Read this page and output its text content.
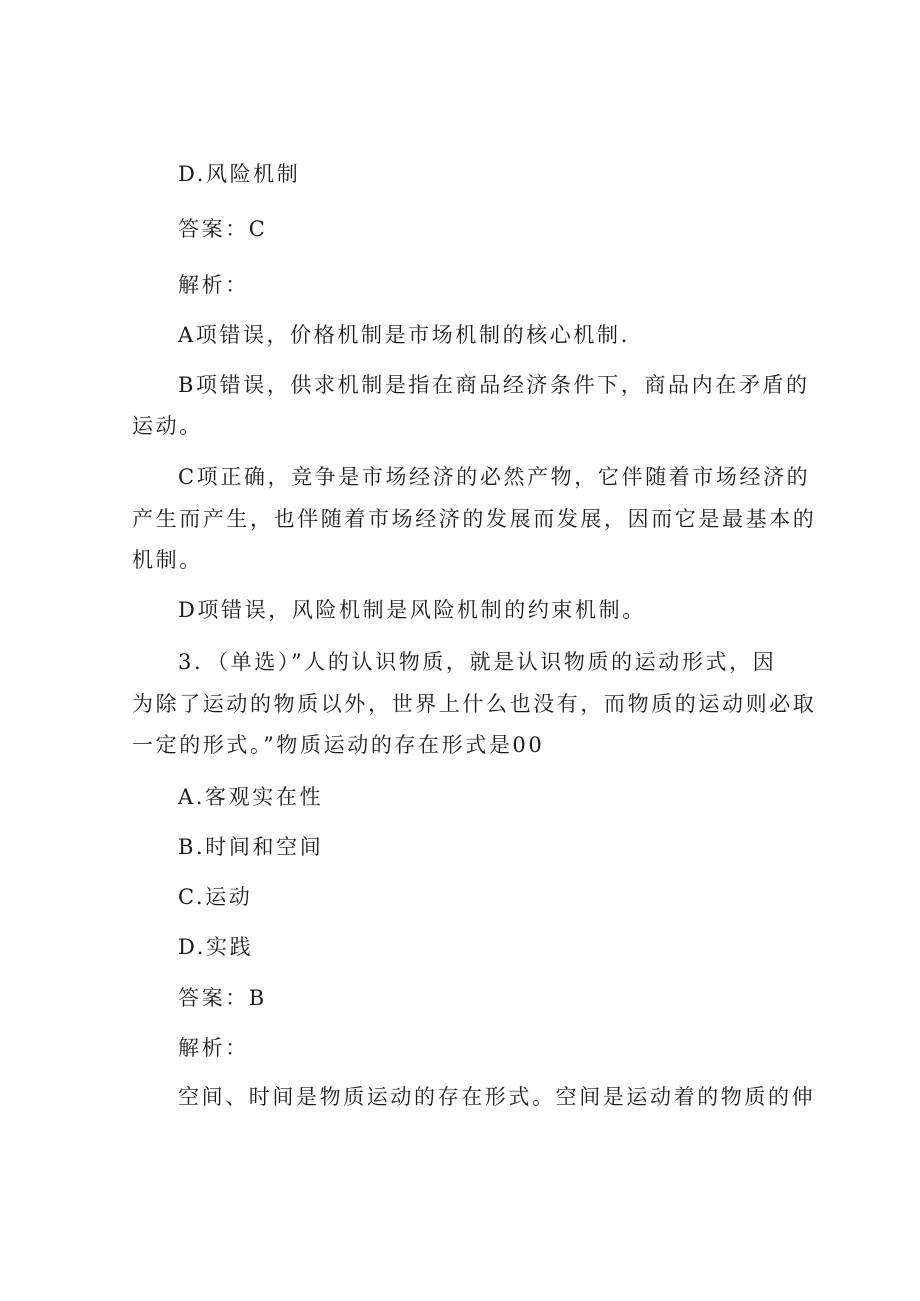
D.风险机制
答案：C
解析：
A项错误，价格机制是市场机制的核心机制.
B项错误，供求机制是指在商品经济条件下，商品内在矛盾的
运动。
C项正确，竞争是市场经济的必然产物，它伴随着市场经济的
产生而产生，也伴随着市场经济的发展而发展，因而它是最基本的
机制。
D项错误，风险机制是风险机制的约束机制。
3．（单选）”人的认识物质，就是认识物质的运动形式，因
为除了运动的物质以外，世界上什么也没有，而物质的运动则必取
一定的形式。”物质运动的存在形式是00
A.客观实在性
B.时间和空间
C.运动
D.实践
答案：B
解析：
空间、时间是物质运动的存在形式。空间是运动着的物质的伸
